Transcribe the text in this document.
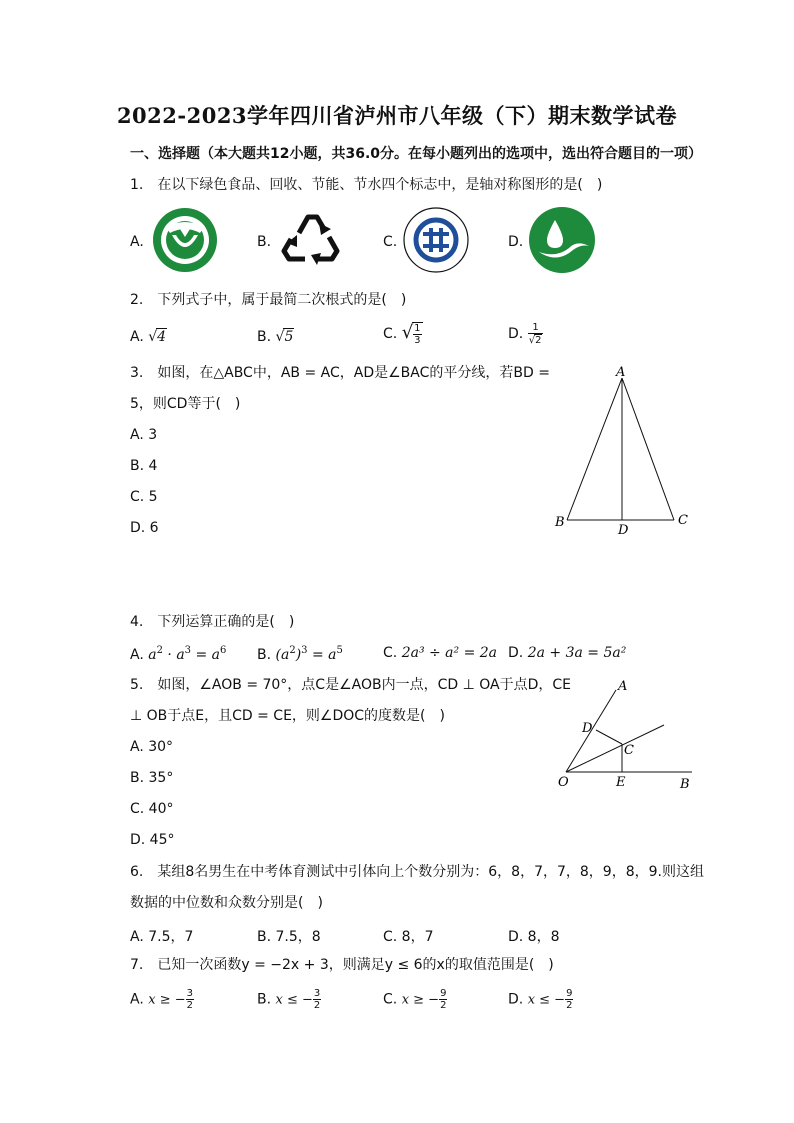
2022-2023学年四川省泸州市八年级（下）期末数学试卷
一、选择题（本大题共12小题，共36.0分。在每小题列出的选项中，选出符合题目的一项）
1.　在以下绿色食品、回收、节能、节水四个标志中，是轴对称图形的是(　)
A.	B.	C.	D.
2.　下列式子中，属于最简二次根式的是(　)
A. √4	B. √5	C. √ $\frac{1}{3}$	D. $\frac{1}{√2}$
3.　如图，在△ABC中，AB = AC，AD是∠BAC的平分线，若BD =
5，则CD等于(　)
A. 3
B. 4
C. 5
D. 6
A
B	C
D
4.　下列运算正确的是(　)
A. $a^2 \cdot a^3 = a^6$ B. $(a^2)^3 = a^5$	C. 2a³ ÷ a² = 2a D. 2a + 3a = 5a²
5.　如图，∠AOB = 70°，点C是∠AOB内一点，CD ⊥ OA于点D，CE
⊥ OB于点E，且CD = CE，则∠DOC的度数是(　)
A. 30°
B. 35°
C. 40°
D. 45°
A
B
C
D
E
O
6.　某组8名男生在中考体育测试中引体向上个数分别为：6，8，7，7，8，9，8，9.则这组
数据的中位数和众数分别是(　)
A. 7.5，7	B. 7.5，8	C. 8，7	D. 8，8
7.　已知一次函数y = −2x + 3，则满足y ≤ 6的x的取值范围是(　)
A. x ≥ − $\frac{3}{2}$	B. x ≤ − $\frac{3}{2}$	C. x ≥ − $\frac{9}{2}$	D. x ≤ − $\frac{9}{2}$
